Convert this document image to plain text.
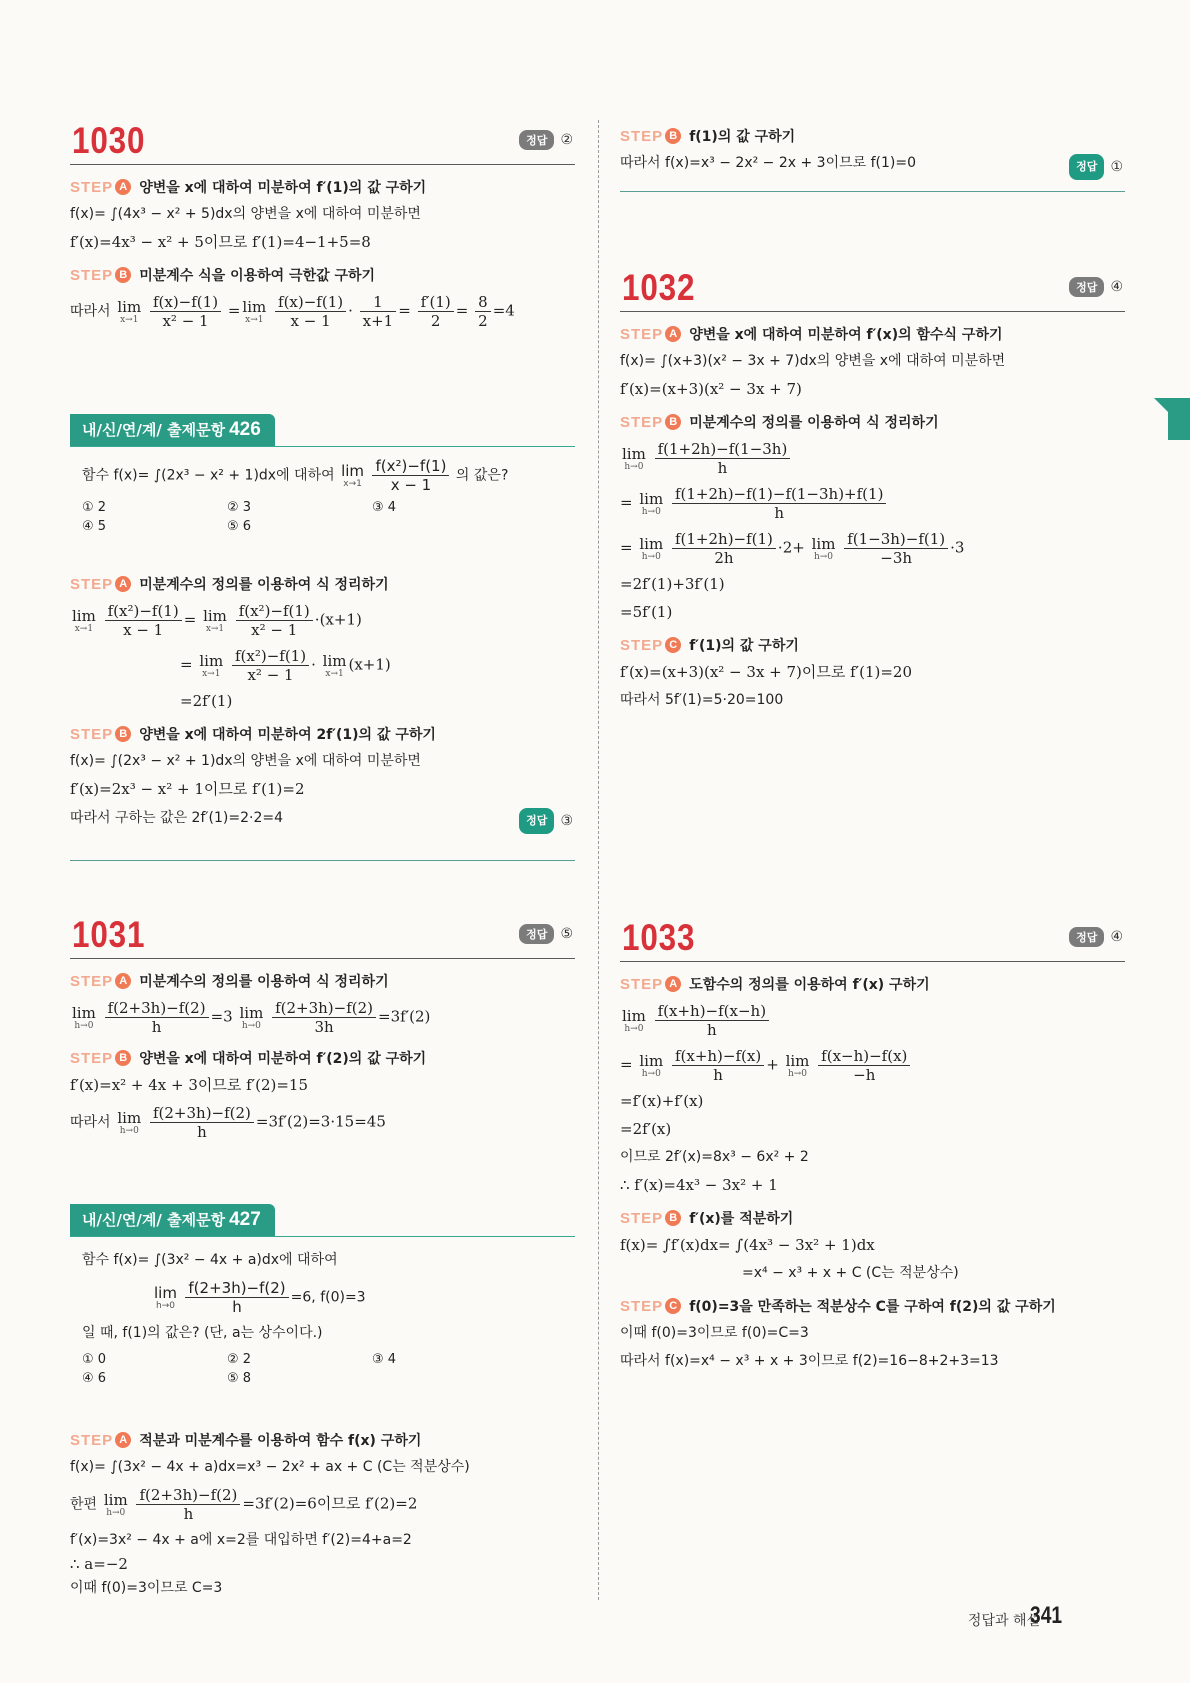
1030	정답 ②
STEP A 양변을 x에 대하여 미분하여 f′(1)의 값 구하기
f(x)= ∫(4x³ − x² + 5)dx의 양변을 x에 대하여 미분하면
f′(x)=4x³ − x² + 5이므로 f′(1)=4−1+5=8
STEP B 미분계수 식을 이용하여 극한값 구하기
따라서 lim
x→1
$\frac{f(x)-f(1)}{\text{x² − 1}} = \lim$
x→1
$\frac{f(x)-f(1)}{x - 1} \cdot \frac{1}{x+1} = \frac{f'(1)}{2} = \frac{8}{2} =4$
내/신/연/계/ 출제문항 426
함수 f(x)= ∫(2x³ − x² + 1)dx에 대하여 lim
x→1
$\frac{\text{f(x²)−f(1)}}{x - 1}$ 의 값은?
① 2	② 3	③ 4
④ 5	⑤ 6
STEP A 미분계수의 정의를 이용하여 식 정리하기
lim
x→1
$\frac{\text{f(x²)−f(1)}}{x - 1} = \lim$
x→1
$\frac{\text{f(x²)−f(1)}}{\text{x² − 1}} \cdot(x+1)$
= lim
x→1
$\frac{\text{f(x²)−f(1)}}{\text{x² − 1}} \cdot \lim$
x→1 (x+1)
=2f′(1)
STEP B 양변을 x에 대하여 미분하여 2f′(1)의 값 구하기
f(x)= ∫(2x³ − x² + 1)dx의 양변을 x에 대하여 미분하면
f′(x)=2x³ − x² + 1이므로 f′(1)=2
따라서 구하는 값은 2f′(1)=2·2=4	정답 ③
1031	정답 ⑤
STEP A 미분계수의 정의를 이용하여 식 정리하기
lim
h→0
$\frac{f(2+3h)-f(2)}{h} =3$ lim
h→0
$\frac{f(2+3h)-f(2)}{3h} =3f'(2)$
STEP B 양변을 x에 대하여 미분하여 f′(2)의 값 구하기
f′(x)=x² + 4x + 3이므로 f′(2)=15
따라서 lim
h→0
$\frac{f(2+3h)-f(2)}{h} =3f'(2)=3\cdot 15=45$
내/신/연/계/ 출제문항 427
함수 f(x)= ∫(3x² − 4x + a)dx에 대하여
lim
h→0
$\frac{f(2+3h)-f(2)}{h} =6$, f(0)=3
일 때, f(1)의 값은? (단, a는 상수이다.)
① 0	② 2	③ 4
④ 6	⑤ 8
STEP A 적분과 미분계수를 이용하여 함수 f(x) 구하기
f(x)= ∫(3x² − 4x + a)dx=x³ − 2x² + ax + C (C는 적분상수)
한편 lim
h→0
$\frac{f(2+3h)-f(2)}{h} =3f'(2)=6$이므로 f′(2)=2
f′(x)=3x² − 4x + a에 x=2를 대입하면 f′(2)=4+a=2
∴ a=−2
이때 f(0)=3이므로 C=3
STEP B f(1)의 값 구하기
따라서 f(x)=x³ − 2x² − 2x + 3이므로 f(1)=0	정답 ①
1032	정답 ④
STEP A 양변을 x에 대하여 미분하여 f′(x)의 함수식 구하기
f(x)= ∫(x+3)(x² − 3x + 7)dx의 양변을 x에 대하여 미분하면
f′(x)=(x+3)(x² − 3x + 7)
STEP B 미분계수의 정의를 이용하여 식 정리하기
lim
h→0
$\frac{f(1+2h)-f(1-3h)}{h}$
= lim
h→0
$\frac{f(1+2h)-f(1)-f(1-3h)+f(1)}{h}$
= lim
h→0
$\frac{f(1+2h)-f(1)}{2h} \cdot 2+ \lim$
h→0
$\frac{f(1-3h)-f(1)}{-3h} \cdot 3$
=2f′(1)+3f′(1)
=5f′(1)
STEP C f′(1)의 값 구하기
f′(x)=(x+3)(x² − 3x + 7)이므로 f′(1)=20
따라서 5f′(1)=5·20=100
1033	정답 ④
STEP A 도함수의 정의를 이용하여 f′(x) 구하기
lim
h→0
$\frac{f(x+h)-f(x-h)}{h}$
= lim
h→0
$\frac{f(x+h)-f(x)}{h} + \lim$
h→0
$\frac{f(x-h)-f(x)}{-h}$
=f′(x)+f′(x)
=2f′(x)
이므로 2f′(x)=8x³ − 6x² + 2
∴ f′(x)=4x³ − 3x² + 1
STEP B f′(x)를 적분하기
f(x)= ∫f′(x)dx= ∫(4x³ − 3x² + 1)dx
=x⁴ − x³ + x + C (C는 적분상수)
STEP C f(0)=3을 만족하는 적분상수 C를 구하여 f(2)의 값 구하기
이때 f(0)=3이므로 f(0)=C=3
따라서 f(x)=x⁴ − x³ + x + 3이므로 f(2)=16−8+2+3=13
정답과 해설
341
